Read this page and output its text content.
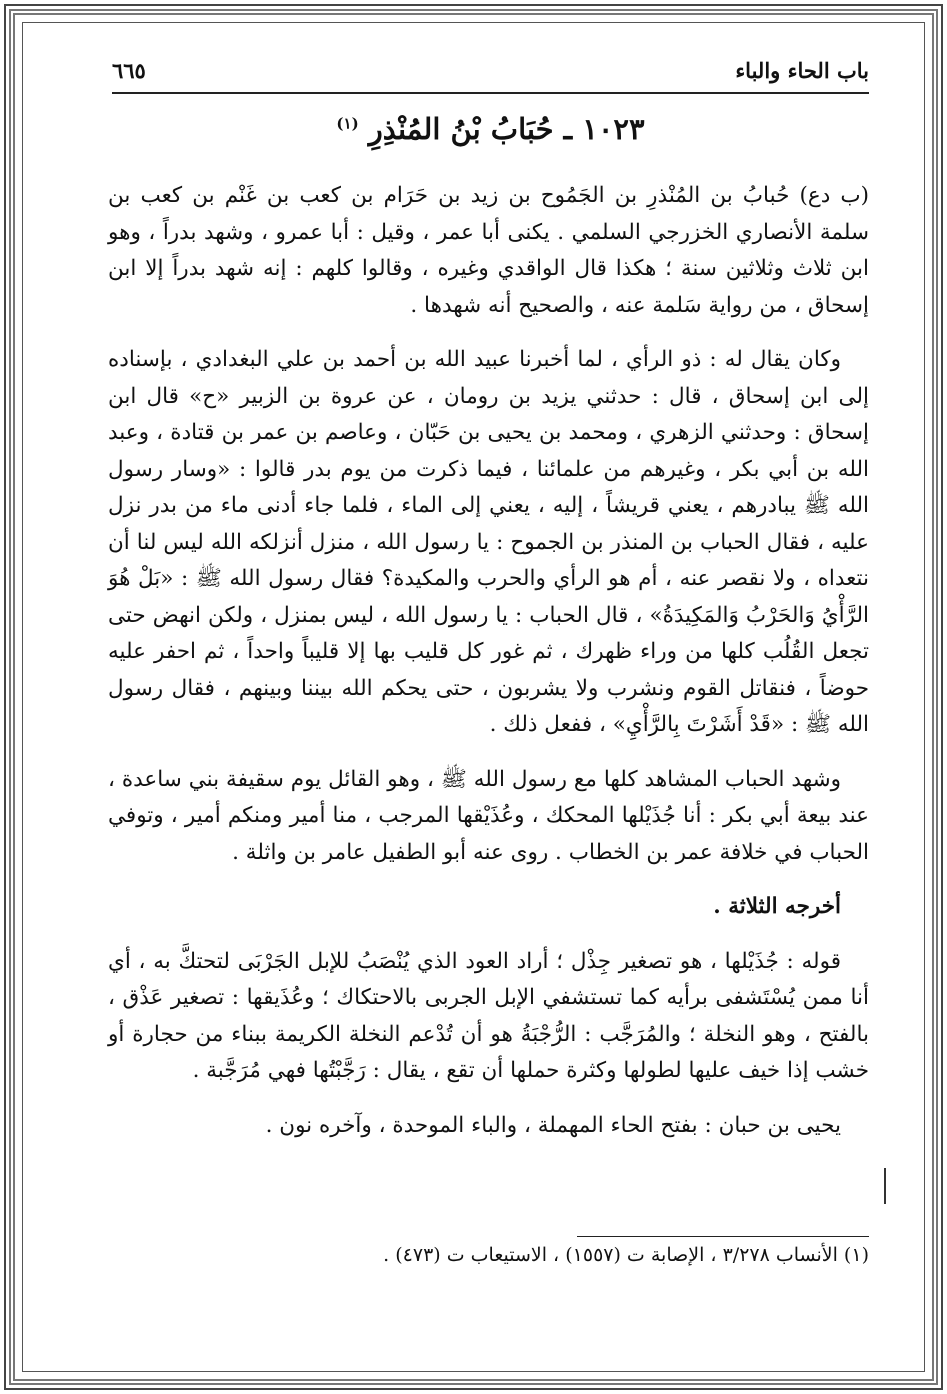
باب الحاء والباء
٦٦٥
١٠٢٣ ـ حُبَابُ بْنُ المُنْذِرِ $^{(١)}$

(ب دع) حُبابُ بن المُنْذرِ بن الجَمُوح بن زيد بن حَرَام بن كعب بن غَنْم بن كعب بن سلمة الأنصاري الخزرجي السلمي . يكنى أبا عمر ، وقيل : أبا عمرو ، وشهد بدراً ، وهو ابن ثلاث وثلاثين سنة ؛ هكذا قال الواقدي وغيره ، وقالوا كلهم : إنه شهد بدراً إلا ابن إسحاق ، من رواية سَلمة عنه ، والصحيح أنه شهدها .

وكان يقال له : ذو الرأي ، لما أخبرنا عبيد الله بن أحمد بن علي البغدادي ، بإسناده إلى ابن إسحاق ، قال : حدثني يزيد بن رومان ، عن عروة بن الزبير «ح» قال ابن إسحاق : وحدثني الزهري ، ومحمد بن يحيى بن حَبّان ، وعاصم بن عمر بن قتادة ، وعبد الله بن أبي بكر ، وغيرهم من علمائنا ، فيما ذكرت من يوم بدر قالوا : «وسار رسول الله ﷺ يبادرهم ، يعني قريشاً ، إليه ، يعني إلى الماء ، فلما جاء أدنى ماء من بدر نزل عليه ، فقال الحباب بن المنذر بن الجموح : يا رسول الله ، منزل أنزلكه الله ليس لنا أن نتعداه ، ولا نقصر عنه ، أم هو الرأي والحرب والمكيدة؟ فقال رسول الله ﷺ : «بَلْ هُوَ الرَّأْيُ وَالحَرْبُ وَالمَكِيدَةُ» ، قال الحباب : يا رسول الله ، ليس بمنزل ، ولكن انهض حتى تجعل القُلُب كلها من وراء ظهرك ، ثم غور كل قليب بها إلا قليباً واحداً ، ثم احفر عليه حوضاً ، فنقاتل القوم ونشرب ولا يشربون ، حتى يحكم الله بيننا وبينهم ، فقال رسول الله ﷺ : «قَدْ أَشَرْتَ بِالرَّأْيِ» ، ففعل ذلك .

وشهد الحباب المشاهد كلها مع رسول الله ﷺ ، وهو القائل يوم سقيفة بني ساعدة ، عند بيعة أبي بكر : أنا جُذَيْلها المحكك ، وعُذَيْقها المرجب ، منا أمير ومنكم أمير ، وتوفي الحباب في خلافة عمر بن الخطاب . روى عنه أبو الطفيل عامر بن واثلة .

أخرجه الثلاثة .

قوله : جُذَيْلها ، هو تصغير جِذْل ؛ أراد العود الذي يُنْصَبُ للإبل الجَرْبَى لتحتكَّ به ، أي أنا ممن يُسْتَشفى برأيه كما تستشفي الإبل الجربى بالاحتكاك ؛ وعُذَيقها : تصغير عَذْق ، بالفتح ، وهو النخلة ؛ والمُرَجَّب : الرُّجْبَةُ هو أن تُدْعم النخلة الكريمة ببناء من حجارة أو خشب إذا خيف عليها لطولها وكثرة حملها أن تقع ، يقال : رَجَّبْتُها فهي مُرَجَّبة .

يحيى بن حبان : بفتح الحاء المهملة ، والباء الموحدة ، وآخره نون .

(١) الأنساب ٣/٢٧٨ ، الإصابة ت (١٥٥٧) ، الاستيعاب ت (٤٧٣) .
